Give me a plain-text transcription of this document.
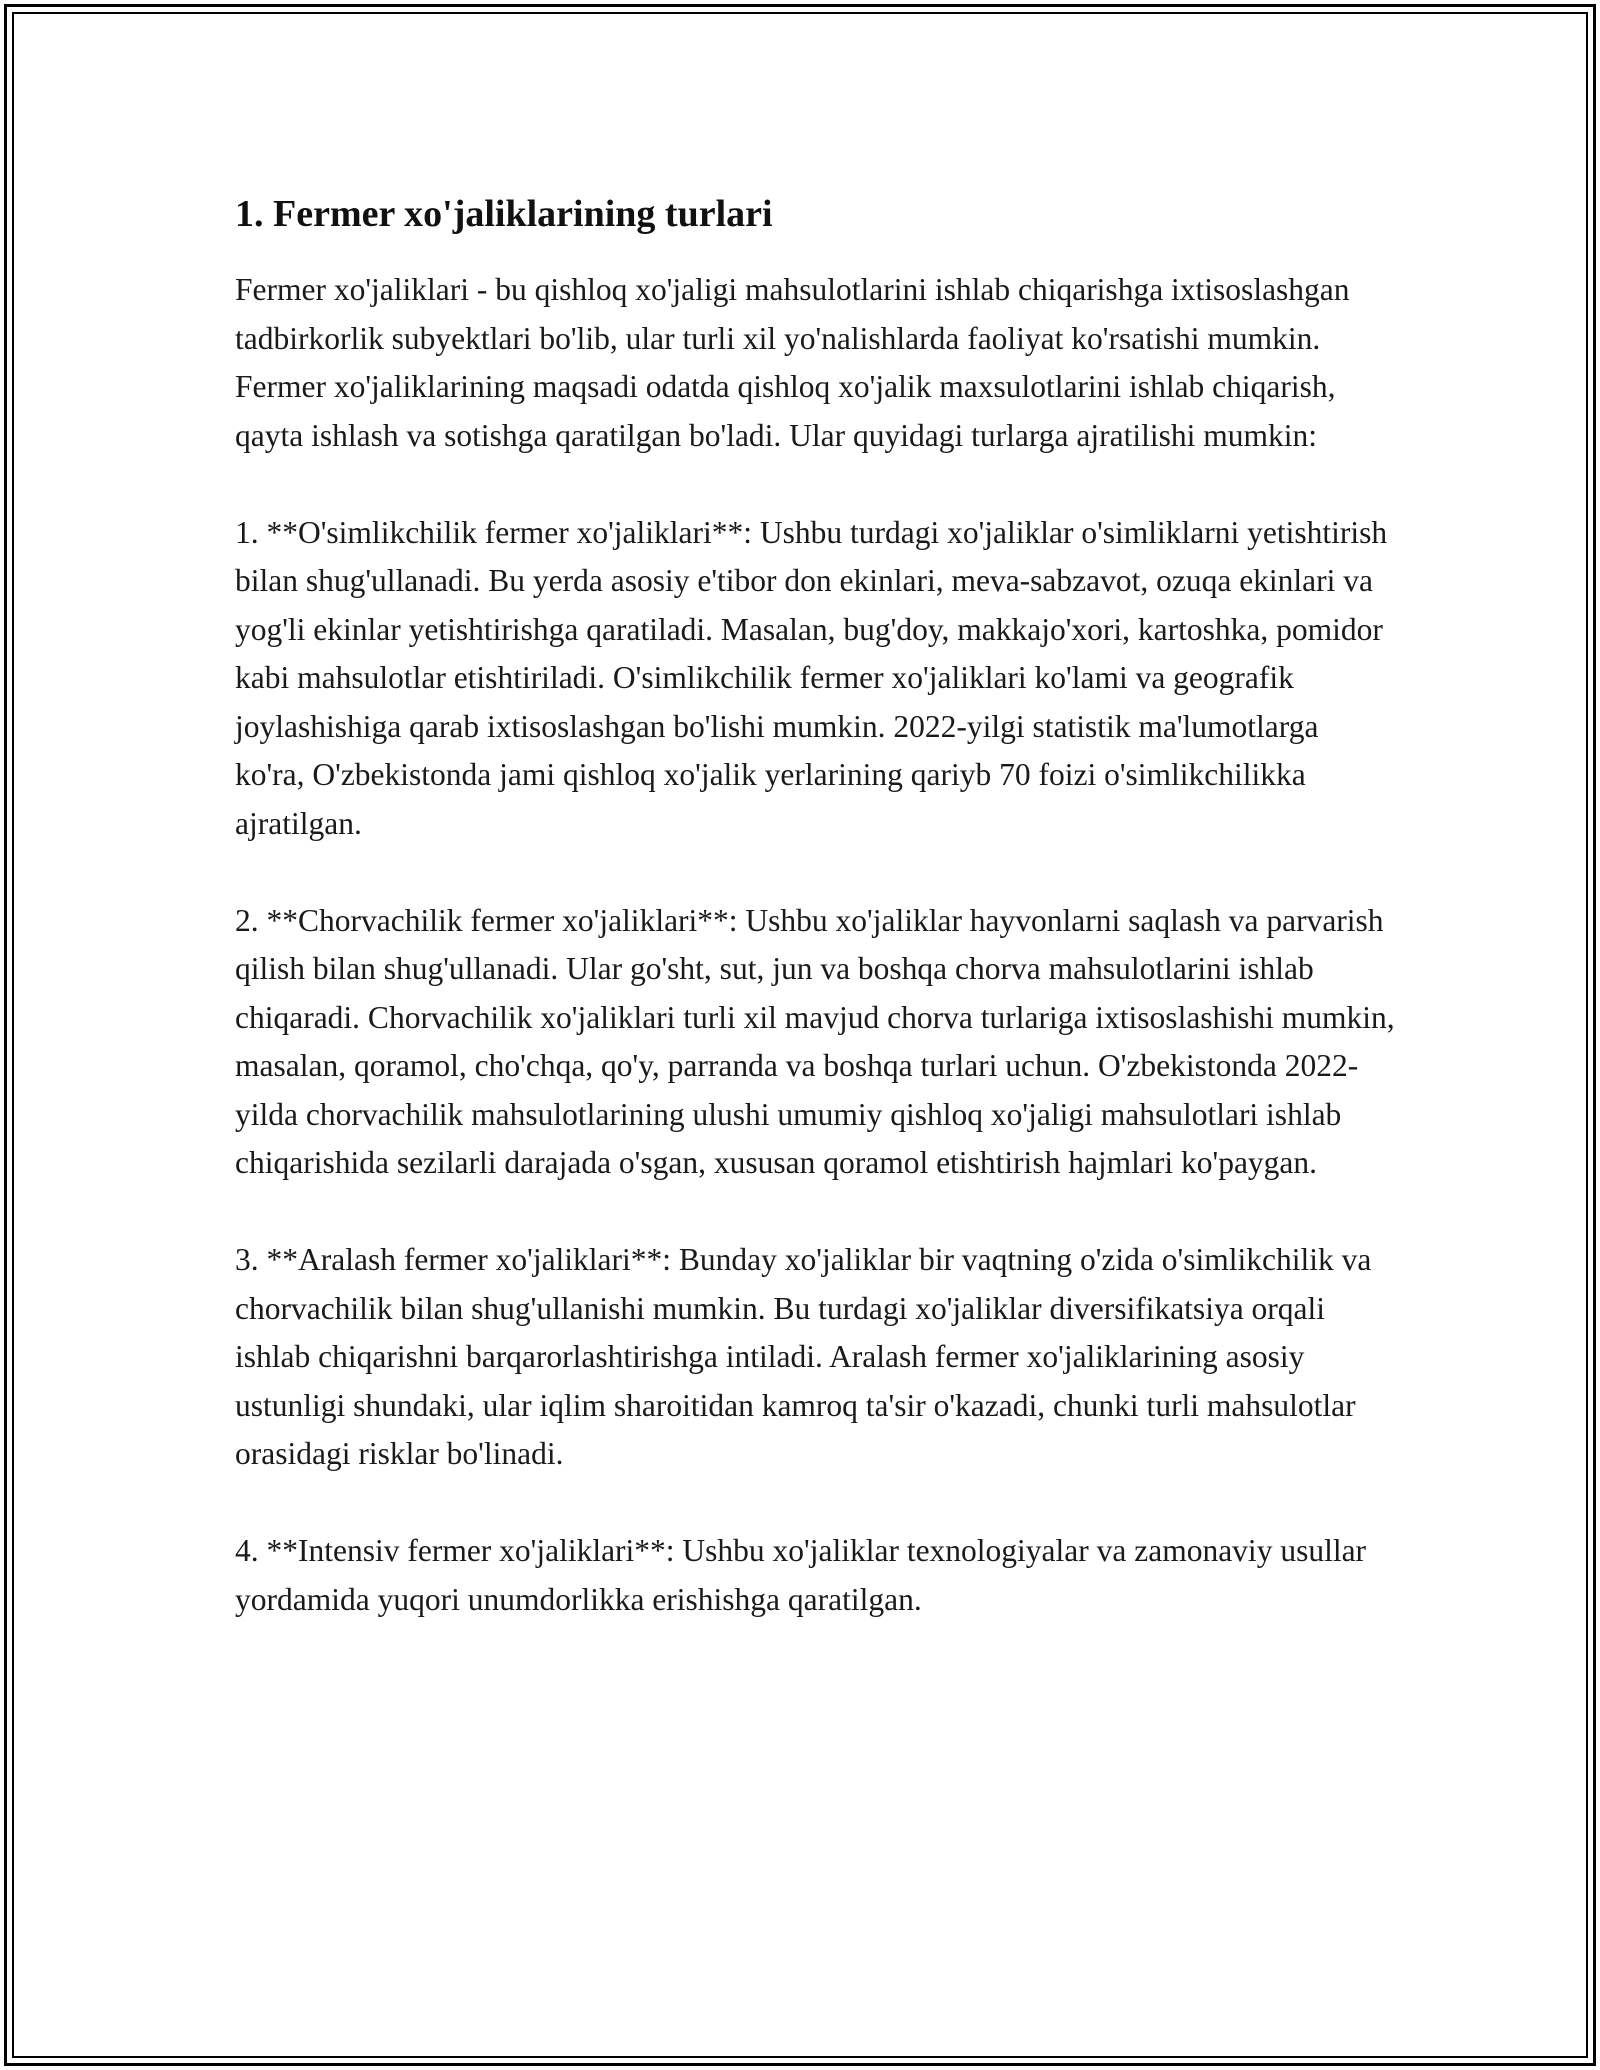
1. Fermer xo'jaliklarining turlari

Fermer xo'jaliklari - bu qishloq xo'jaligi mahsulotlarini ishlab chiqarishga ixtisoslashgan tadbirkorlik subyektlari bo'lib, ular turli xil yo'nalishlarda faoliyat ko'rsatishi mumkin. Fermer xo'jaliklarining maqsadi odatda qishloq xo'jalik maxsulotlarini ishlab chiqarish, qayta ishlash va sotishga qaratilgan bo'ladi. Ular quyidagi turlarga ajratilishi mumkin:

1. **O'simlikchilik fermer xo'jaliklari**: Ushbu turdagi xo'jaliklar o'simliklarni yetishtirish bilan shug'ullanadi. Bu yerda asosiy e'tibor don ekinlari, meva-sabzavot, ozuqa ekinlari va yog'li ekinlar yetishtirishga qaratiladi. Masalan, bug'doy, makkajo'xori, kartoshka, pomidor kabi mahsulotlar etishtiriladi. O'simlikchilik fermer xo'jaliklari ko'lami va geografik joylashishiga qarab ixtisoslashgan bo'lishi mumkin. 2022-yilgi statistik ma'lumotlarga ko'ra, O'zbekistonda jami qishloq xo'jalik yerlarining qariyb 70 foizi o'simlikchilikka ajratilgan.

2. **Chorvachilik fermer xo'jaliklari**: Ushbu xo'jaliklar hayvonlarni saqlash va parvarish qilish bilan shug'ullanadi. Ular go'sht, sut, jun va boshqa chorva mahsulotlarini ishlab chiqaradi. Chorvachilik xo'jaliklari turli xil mavjud chorva turlariga ixtisoslashishi mumkin, masalan, qoramol, cho'chqa, qo'y, parranda va boshqa turlari uchun. O'zbekistonda 2022-yilda chorvachilik mahsulotlarining ulushi umumiy qishloq xo'jaligi mahsulotlari ishlab chiqarishida sezilarli darajada o'sgan, xususan qoramol etishtirish hajmlari ko'paygan.

3. **Aralash fermer xo'jaliklari**: Bunday xo'jaliklar bir vaqtning o'zida o'simlikchilik va chorvachilik bilan shug'ullanishi mumkin. Bu turdagi xo'jaliklar diversifikatsiya orqali ishlab chiqarishni barqarorlashtirishga intiladi. Aralash fermer xo'jaliklarining asosiy ustunligi shundaki, ular iqlim sharoitidan kamroq ta'sir o'kazadi, chunki turli mahsulotlar orasidagi risklar bo'linadi.

4. **Intensiv fermer xo'jaliklari**: Ushbu xo'jaliklar texnologiyalar va zamonaviy usullar yordamida yuqori unumdorlikka erishishga qaratilgan.
